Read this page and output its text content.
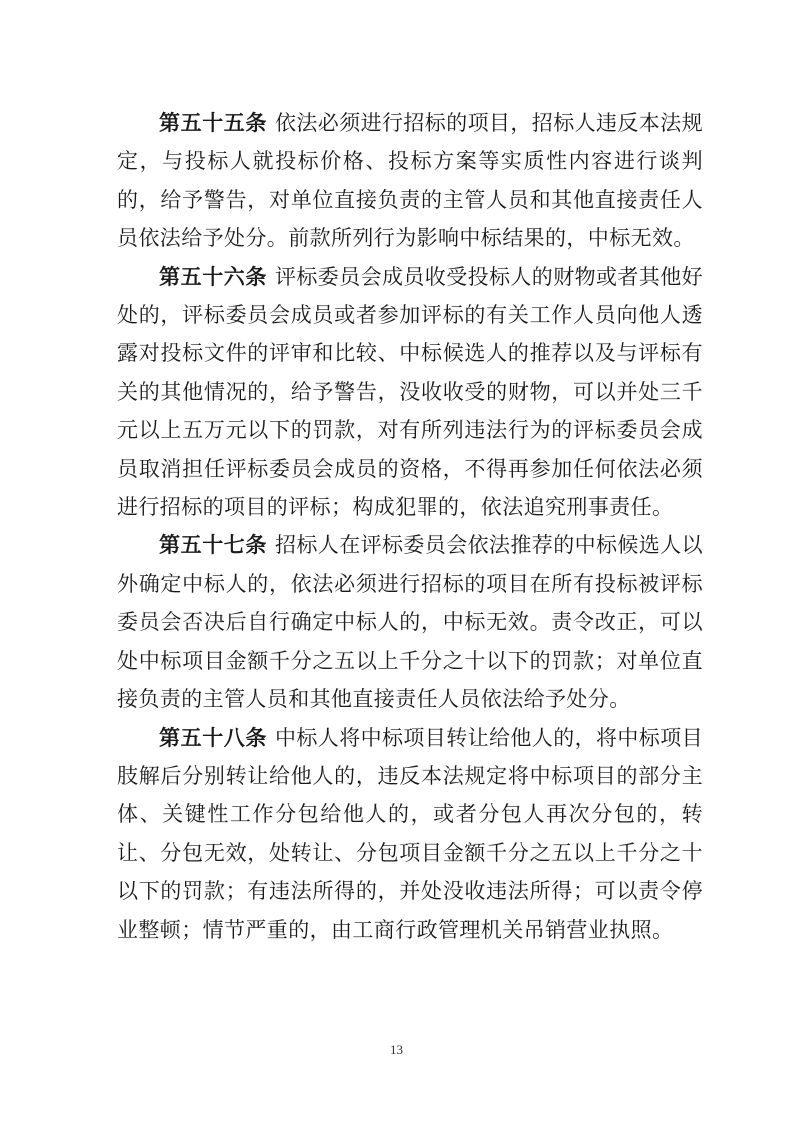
第五十五条 依法必须进行招标的项目，招标人违反本法规定，与投标人就投标价格、投标方案等实质性内容进行谈判的，给予警告，对单位直接负责的主管人员和其他直接责任人员依法给予处分。前款所列行为影响中标结果的，中标无效。

第五十六条 评标委员会成员收受投标人的财物或者其他好处的，评标委员会成员或者参加评标的有关工作人员向他人透露对投标文件的评审和比较、中标候选人的推荐以及与评标有关的其他情况的，给予警告，没收收受的财物，可以并处三千元以上五万元以下的罚款，对有所列违法行为的评标委员会成员取消担任评标委员会成员的资格，不得再参加任何依法必须进行招标的项目的评标；构成犯罪的，依法追究刑事责任。

第五十七条 招标人在评标委员会依法推荐的中标候选人以外确定中标人的，依法必须进行招标的项目在所有投标被评标委员会否决后自行确定中标人的，中标无效。责令改正，可以处中标项目金额千分之五以上千分之十以下的罚款；对单位直接负责的主管人员和其他直接责任人员依法给予处分。

第五十八条 中标人将中标项目转让给他人的，将中标项目肢解后分别转让给他人的，违反本法规定将中标项目的部分主体、关键性工作分包给他人的，或者分包人再次分包的，转让、分包无效，处转让、分包项目金额千分之五以上千分之十以下的罚款；有违法所得的，并处没收违法所得；可以责令停业整顿；情节严重的，由工商行政管理机关吊销营业执照。

13
